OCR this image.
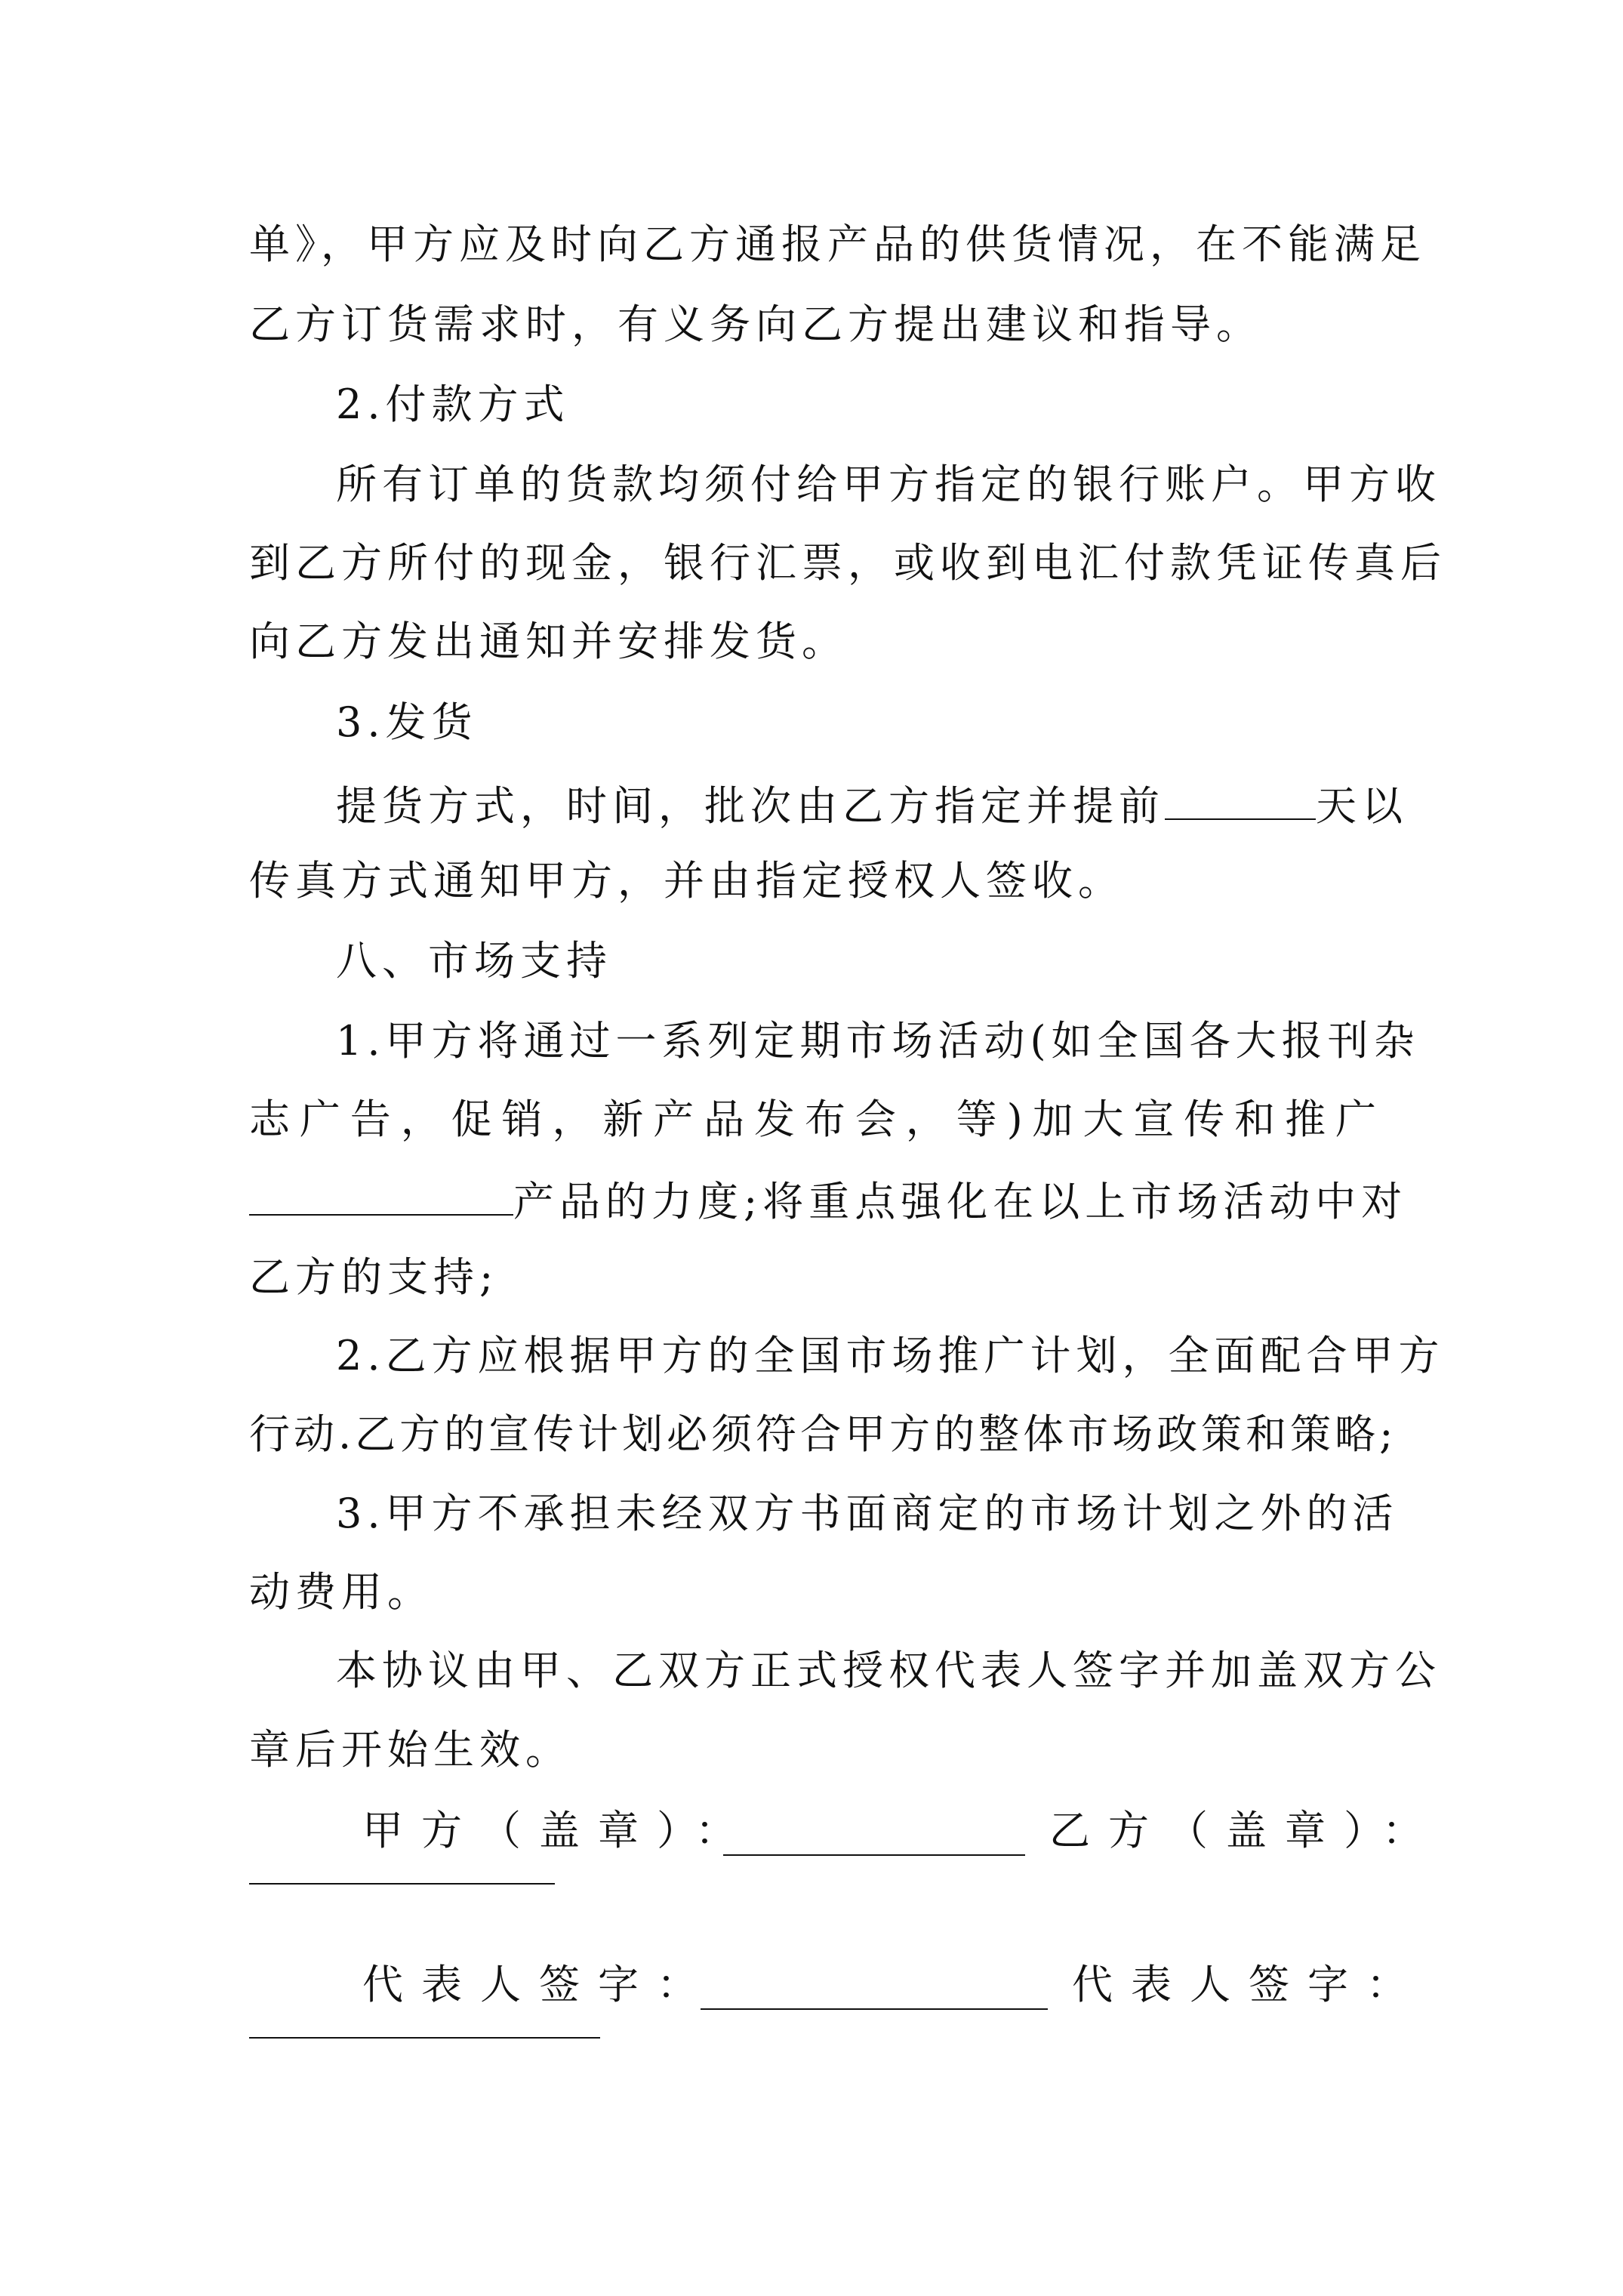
单》，甲方应及时向乙方通报产品的供货情况，在不能满足
乙方订货需求时，有义务向乙方提出建议和指导。
2.付款方式
所有订单的货款均须付给甲方指定的银行账户。甲方收
到乙方所付的现金，银行汇票，或收到电汇付款凭证传真后
向乙方发出通知并安排发货。
3.发货
提货方式，时间，批次由乙方指定并提前	天以
传真方式通知甲方，并由指定授权人签收。
八、市场支持
1.甲方将通过一系列定期市场活动(如全国各大报刊杂
志广告，促销，新产品发布会，等)加大宣传和推广
产品的力度;将重点强化在以上市场活动中对
乙方的支持;
2.乙方应根据甲方的全国市场推广计划，全面配合甲方
行动.乙方的宣传计划必须符合甲方的整体市场政策和策略;
3.甲方不承担未经双方书面商定的市场计划之外的活
动费用。
本协议由甲、乙双方正式授权代表人签字并加盖双方公
章后开始生效。
甲方（盖章）：	乙方（盖章）：
代表人签字：	代表人签字：
